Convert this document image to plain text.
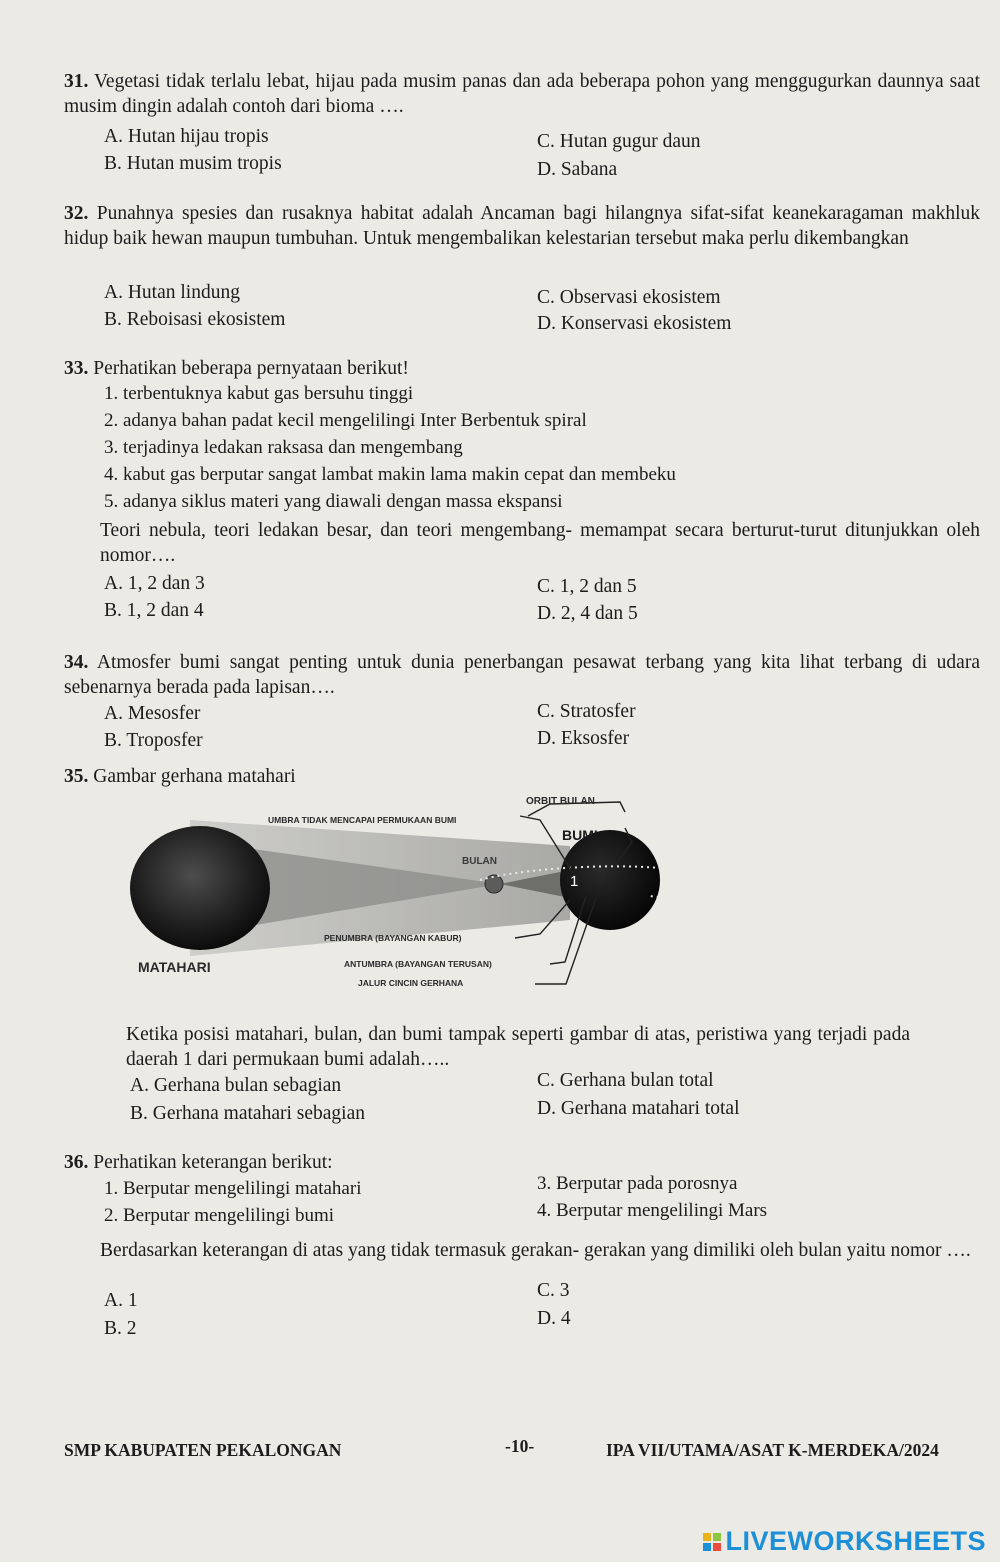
31. Vegetasi tidak terlalu lebat, hijau pada musim panas dan ada beberapa pohon yang menggugurkan daunnya saat musim dingin adalah contoh dari bioma ….
A. Hutan hijau tropis
B. Hutan musim tropis
C. Hutan gugur daun
D. Sabana
32. Punahnya spesies dan rusaknya habitat adalah Ancaman bagi hilangnya sifat-sifat keanekaragaman makhluk hidup baik hewan maupun tumbuhan. Untuk mengembalikan kelestarian tersebut maka perlu dikembangkan
A. Hutan lindung
B. Reboisasi ekosistem
C. Observasi ekosistem
D. Konservasi ekosistem
33. Perhatikan beberapa pernyataan berikut!
1. terbentuknya kabut gas bersuhu tinggi
2. adanya bahan padat kecil mengelilingi Inter Berbentuk spiral
3. terjadinya ledakan raksasa dan mengembang
4. kabut gas berputar sangat lambat makin lama makin cepat dan membeku
5. adanya siklus materi yang diawali dengan massa ekspansi
Teori nebula, teori ledakan besar, dan teori mengembang- memampat secara berturut-turut ditunjukkan oleh nomor….
A. 1, 2 dan 3
B. 1, 2 dan 4
C. 1, 2 dan 5
D. 2, 4 dan 5
34. Atmosfer bumi sangat penting untuk dunia penerbangan pesawat terbang yang kita lihat terbang di udara sebenarnya berada pada lapisan….
A. Mesosfer
B. Troposfer
C. Stratosfer
D. Eksosfer
35. Gambar gerhana matahari
ORBIT BULAN
UMBRA TIDAK MENCAPAI PERMUKAAN BUMI
BUMI
BULAN
1
PENUMBRA (BAYANGAN KABUR)
ANTUMBRA (BAYANGAN TERUSAN)
JALUR CINCIN GERHANA
MATAHARI
Ketika posisi matahari, bulan, dan bumi tampak seperti gambar di atas, peristiwa yang terjadi pada daerah 1 dari permukaan bumi adalah…..
A. Gerhana bulan sebagian
B. Gerhana matahari sebagian
C. Gerhana bulan total
D. Gerhana matahari total
36. Perhatikan keterangan berikut:
1. Berputar mengelilingi matahari
2. Berputar mengelilingi bumi
3. Berputar pada porosnya
4. Berputar mengelilingi Mars
Berdasarkan keterangan di atas yang tidak termasuk gerakan- gerakan yang dimiliki oleh bulan yaitu nomor ….
A. 1
B. 2
C. 3
D. 4
SMP KABUPATEN PEKALONGAN	-10-	IPA VII/UTAMA/ASAT K-MERDEKA/2024
LIVEWORKSHEETS
